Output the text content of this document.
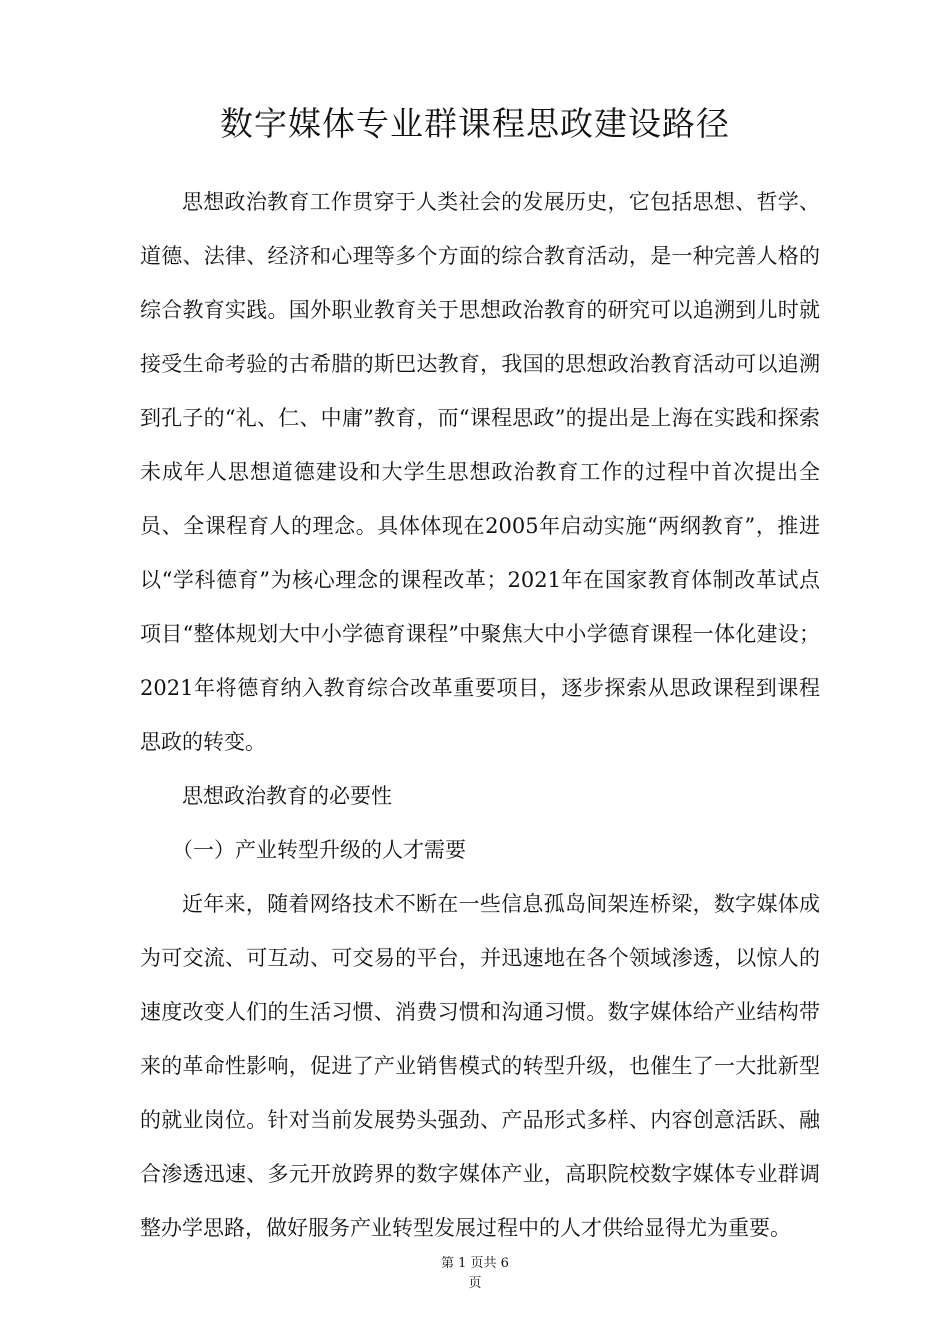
数字媒体专业群课程思政建设路径

思想政治教育工作贯穿于人类社会的发展历史，它包括思想、哲学、道德、法律、经济和心理等多个方面的综合教育活动，是一种完善人格的综合教育实践。国外职业教育关于思想政治教育的研究可以追溯到儿时就接受生命考验的古希腊的斯巴达教育，我国的思想政治教育活动可以追溯到孔子的“礼、仁、中庸”教育，而“课程思政”的提出是上海在实践和探索未成年人思想道德建设和大学生思想政治教育工作的过程中首次提出全员、全课程育人的理念。具体体现在2005年启动实施“两纲教育”，推进以“学科德育”为核心理念的课程改革；2021年在国家教育体制改革试点项目“整体规划大中小学德育课程”中聚焦大中小学德育课程一体化建设；2021年将德育纳入教育综合改革重要项目，逐步探索从思政课程到课程思政的转变。

思想政治教育的必要性

（一）产业转型升级的人才需要

近年来，随着网络技术不断在一些信息孤岛间架连桥梁，数字媒体成为可交流、可互动、可交易的平台，并迅速地在各个领域渗透，以惊人的速度改变人们的生活习惯、消费习惯和沟通习惯。数字媒体给产业结构带来的革命性影响，促进了产业销售模式的转型升级，也催生了一大批新型的就业岗位。针对当前发展势头强劲、产品形式多样、内容创意活跃、融合渗透迅速、多元开放跨界的数字媒体产业，高职院校数字媒体专业群调整办学思路，做好服务产业转型发展过程中的人才供给显得尤为重要。

第 1 页共 6
页
